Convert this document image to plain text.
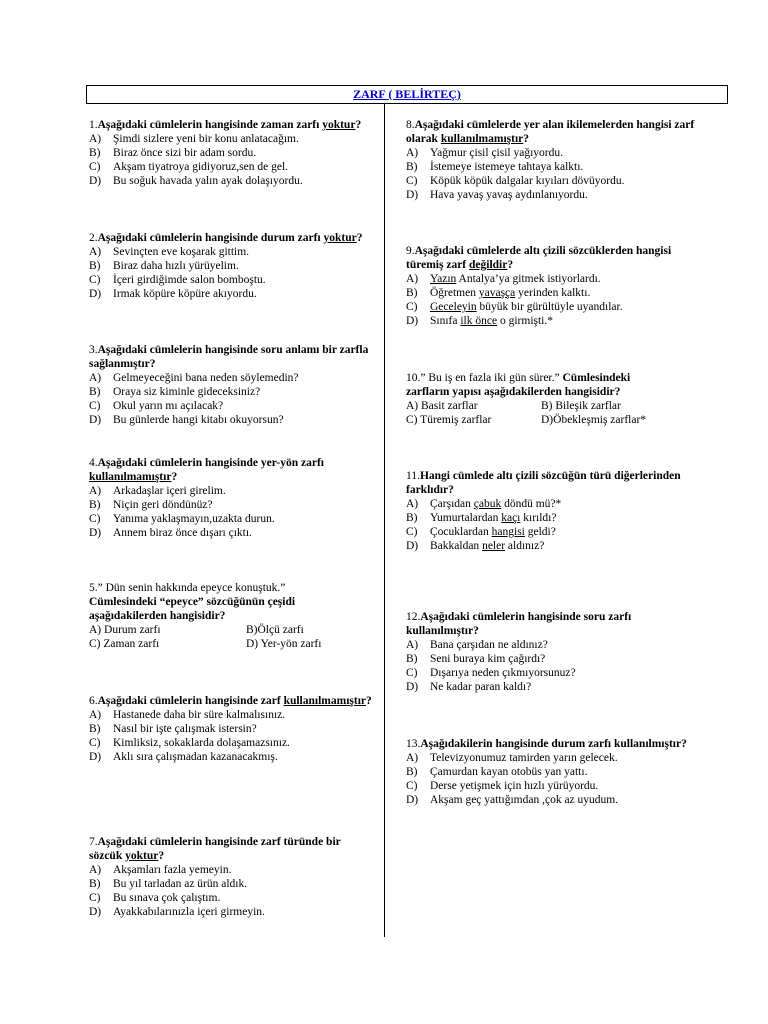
ZARF ( BELİRTEÇ)
1.Aşağıdaki cümlelerin hangisinde zaman zarfı yoktur?
A)	Şimdi sizlere yeni bir konu anlatacağım.
B)	Biraz önce sizi bir adam sordu.
C)	Akşam tiyatroya gidiyoruz,sen de gel.
D)	Bu soğuk havada yalın ayak dolaşıyordu.
2.Aşağıdaki cümlelerin hangisinde durum zarfı yoktur?
A)	Sevinçten eve koşarak gittim.
B)	Biraz daha hızlı yürüyelim.
C)	İçeri girdiğimde salon bomboştu.
D)	Irmak köpüre köpüre akıyordu.
3.Aşağıdaki cümlelerin hangisinde soru anlamı bir zarfla sağlanmıştır?
A)	Gelmeyeceğini bana neden söylemedin?
B)	Oraya siz kiminle gideceksiniz?
C)	Okul yarın mı açılacak?
D)	Bu günlerde hangi kitabı okuyorsun?
4.Aşağıdaki cümlelerin hangisinde yer-yön zarfı kullanılmamıştır?
A)	Arkadaşlar içeri girelim.
B)	Niçin geri döndünüz?
C)	Yanıma yaklaşmayın,uzakta durun.
D)	Annem biraz önce dışarı çıktı.
5.” Dün senin hakkında epeyce konuştuk.”
Cümlesindeki “epeyce” sözcüğünün çeşidi aşağıdakilerden hangisidir?
A) Durum zarfı	B)Ölçü zarfı
C) Zaman zarfı	D) Yer-yön zarfı
6.Aşağıdaki cümlelerin hangisinde zarf kullanılmamıştır?
A)	Hastanede daha bir süre kalmalısınız.
B)	Nasıl bir işte çalışmak istersin?
C)	Kimliksiz, sokaklarda dolaşamazsınız.
D)	Aklı sıra çalışmadan kazanacakmış.
7.Aşağıdaki cümlelerin hangisinde zarf türünde bir sözcük yoktur?
A)	Akşamları fazla yemeyin.
B)	Bu yıl tarladan az ürün aldık.
C)	Bu sınava çok çalıştım.
D)	Ayakkabılarınızla içeri girmeyin.
8.Aşağıdaki cümlelerde yer alan ikilemelerden hangisi zarf olarak kullanılmamıştır?
A)	Yağmur çisil çisil yağıyordu.
B)	İstemeye istemeye tahtaya kalktı.
C)	Köpük köpük dalgalar kıyıları dövüyordu.
D)	Hava yavaş yavaş aydınlanıyordu.
9.Aşağıdaki cümlelerde altı çizili sözcüklerden hangisi türemiş zarf değildir?
A)	Yazın Antalya’ya gitmek istiyorlardı.
B)	Öğretmen yavaşça yerinden kalktı.
C)	Geceleyin büyük bir gürültüyle uyandılar.
D)	Sınıfa ilk önce o girmişti.*
10.” Bu iş en fazla iki gün sürer.” Cümlesindeki
zarfların yapısı aşağıdakilerden hangisidir?
A) Basit zarflar	B) Bileşik zarflar
C) Türemiş zarflar	D)Öbekleşmiş zarflar*
11.Hangi cümlede altı çizili sözcüğün türü diğerlerinden farklıdır?
A)	Çarşıdan çabuk döndü mü?*
B)	Yumurtalardan kaçı kırıldı?
C)	Çocuklardan hangisi geldi?
D)	Bakkaldan neler aldınız?
12.Aşağıdaki cümlelerin hangisinde soru zarfı kullanılmıştır?
A)	Bana çarşıdan ne aldınız?
B)	Seni buraya kim çağırdı?
C)	Dışarıya neden çıkmıyorsunuz?
D)	Ne kadar paran kaldı?
13.Aşağıdakilerin hangisinde durum zarfı kullanılmıştır?
A)	Televizyonumuz tamirden yarın gelecek.
B)	Çamurdan kayan otobüs yan yattı.
C)	Derse yetişmek için hızlı yürüyordu.
D)	Akşam geç yattığımdan ,çok az uyudum.
